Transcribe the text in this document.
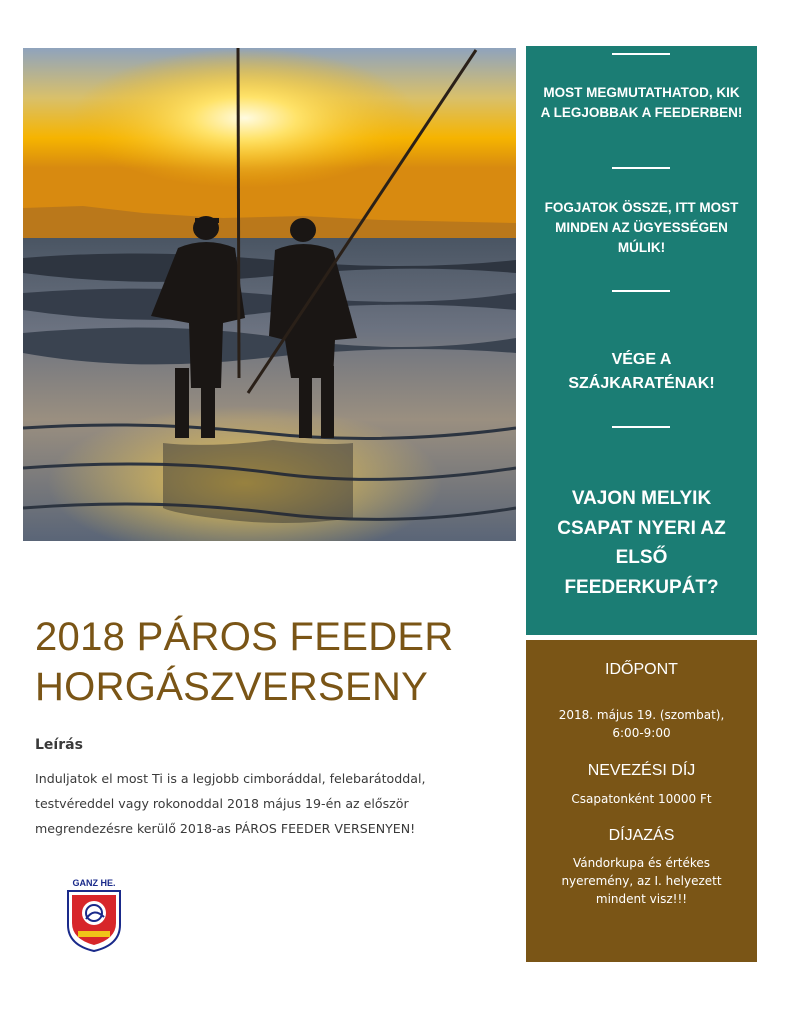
MOST MEGMUTATHATOD, KIK A LEGJOBBAK A FEEDERBEN!
FOGJATOK ÖSSZE, ITT MOST MINDEN AZ ÜGYESSÉGEN MÚLIK!
VÉGE A SZÁJKARATÉNAK!
VAJON MELYIK CSAPAT NYERI AZ ELSŐ FEEDERKUPÁT?
IDŐPONT
2018. május 19. (szombat), 6:00-9:00
NEVEZÉSI DÍJ
Csapatonként 10000 Ft
DÍJAZÁS
Vándorkupa és értékes nyeremény, az I. helyezett mindent visz!!!
2018 PÁROS FEEDER HORGÁSZVERSENY
Leírás
Induljatok el most Ti is a legjobb cimboráddal, felebarátoddal, testvéreddel vagy rokonoddal 2018 május 19-én az először megrendezésre kerülő 2018-as PÁROS FEEDER VERSENYEN!
GANZ HE.
